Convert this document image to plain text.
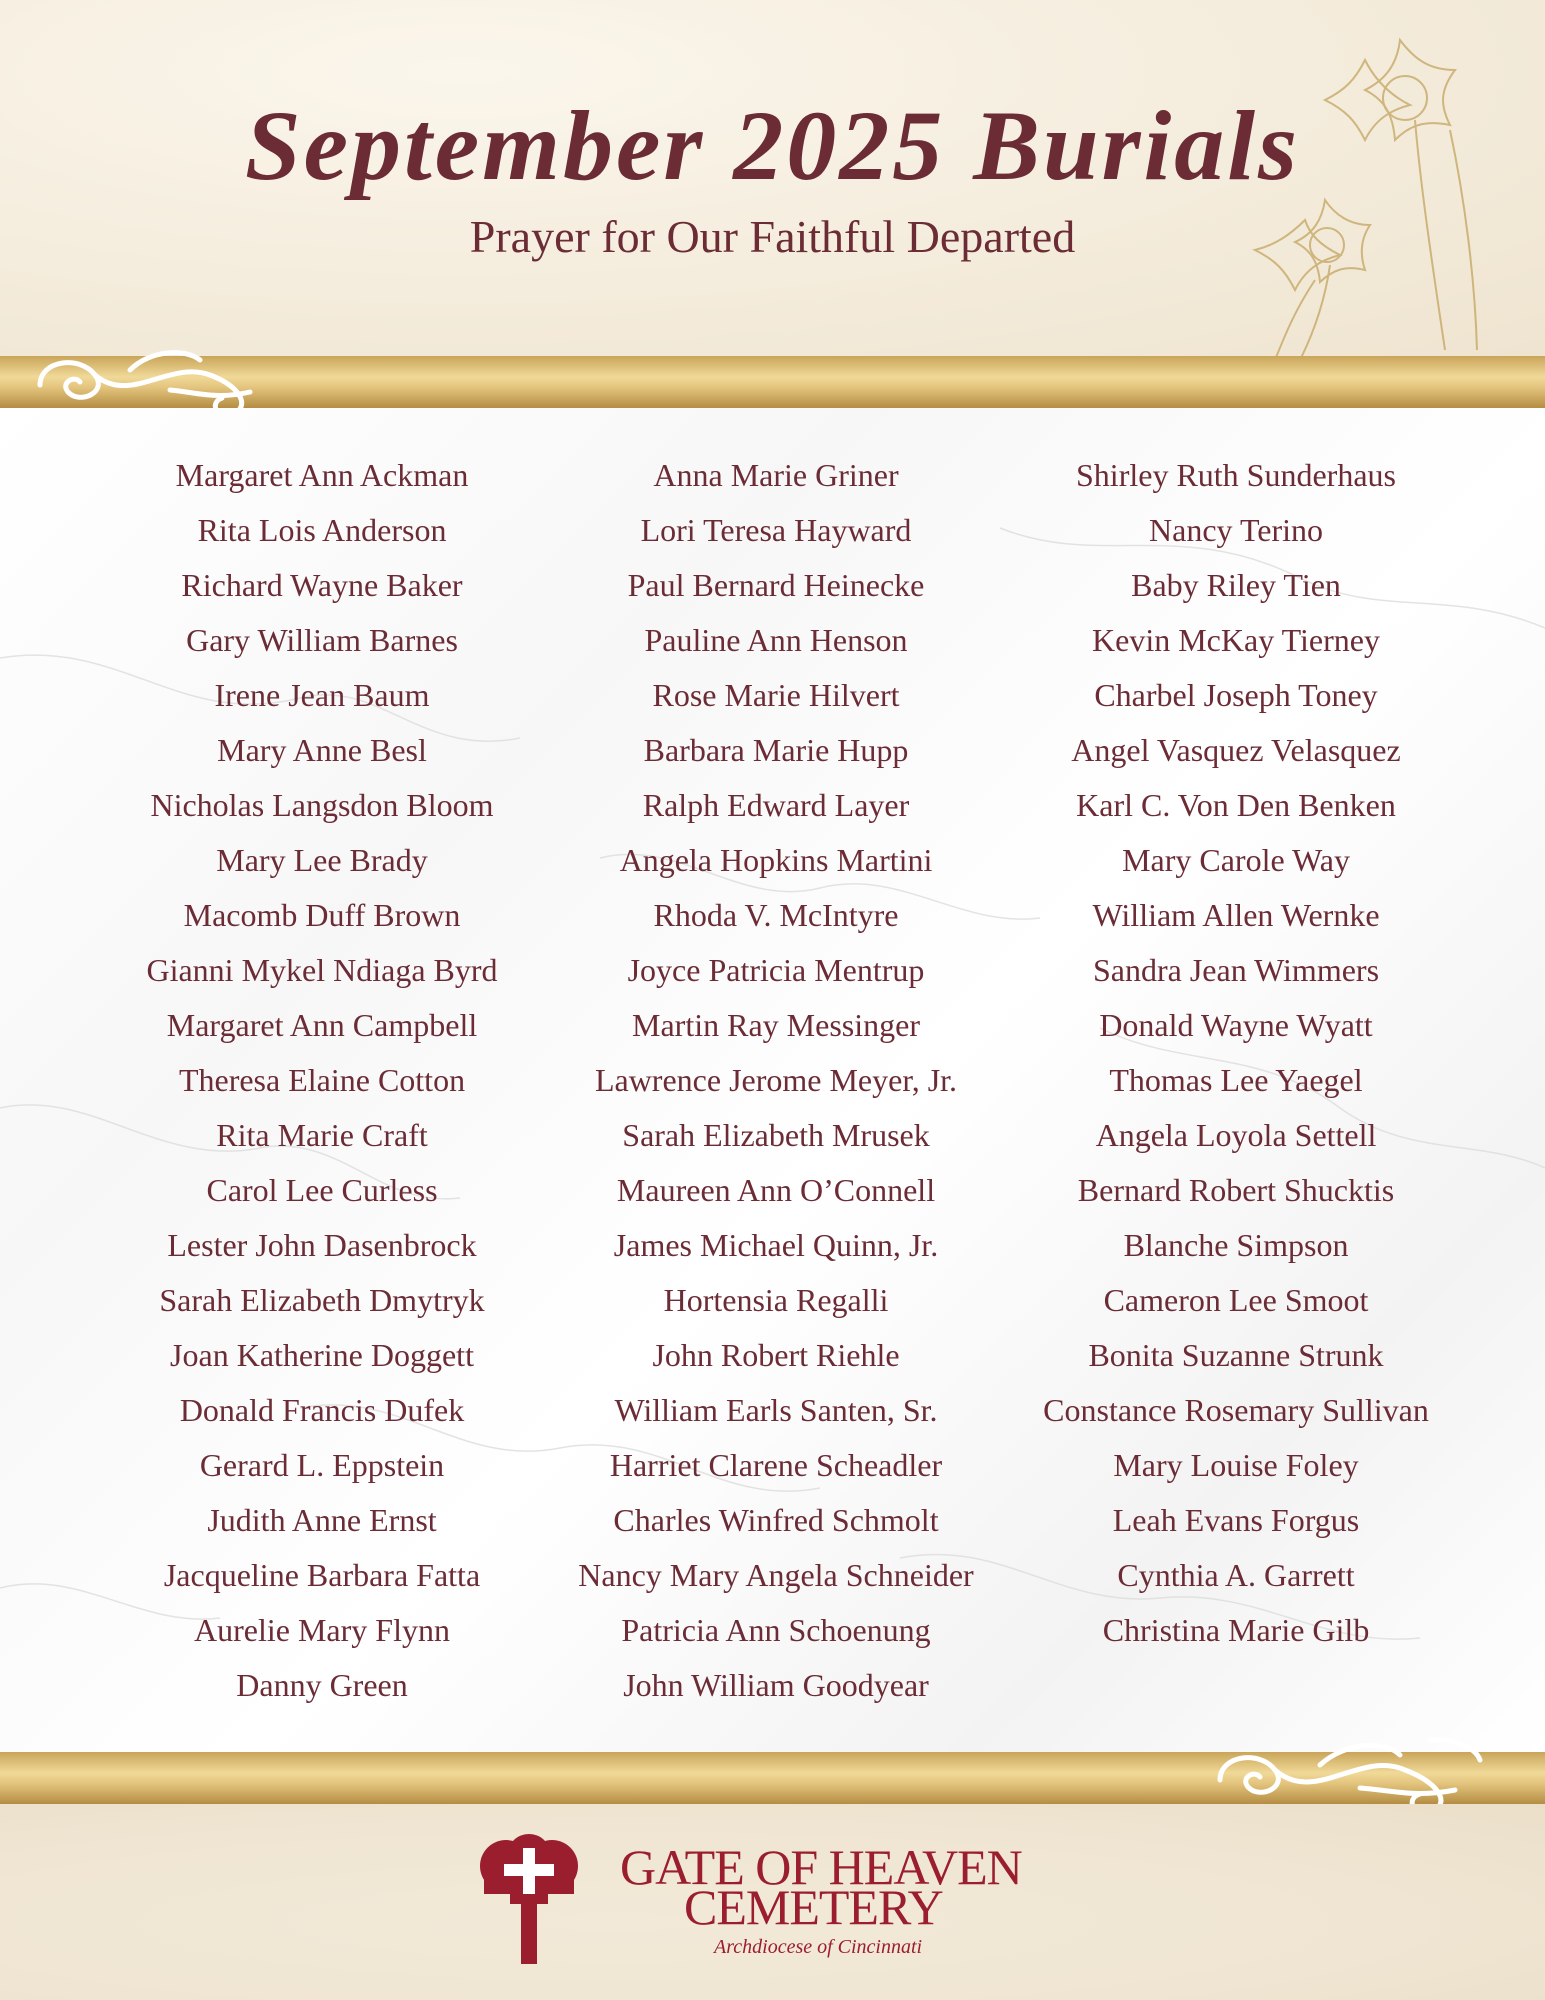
September 2025 Burials
Prayer for Our Faithful Departed
Margaret Ann Ackman
Rita Lois Anderson
Richard Wayne Baker
Gary William Barnes
Irene Jean Baum
Mary Anne Besl
Nicholas Langsdon Bloom
Mary Lee Brady
Macomb Duff Brown
Gianni Mykel Ndiaga Byrd
Margaret Ann Campbell
Theresa Elaine Cotton
Rita Marie Craft
Carol Lee Curless
Lester John Dasenbrock
Sarah Elizabeth Dmytryk
Joan Katherine Doggett
Donald Francis Dufek
Gerard L. Eppstein
Judith Anne Ernst
Jacqueline Barbara Fatta
Aurelie Mary Flynn
Danny Green
Anna Marie Griner
Lori Teresa Hayward
Paul Bernard Heinecke
Pauline Ann Henson
Rose Marie Hilvert
Barbara Marie Hupp
Ralph Edward Layer
Angela Hopkins Martini
Rhoda V. McIntyre
Joyce Patricia Mentrup
Martin Ray Messinger
Lawrence Jerome Meyer, Jr.
Sarah Elizabeth Mrusek
Maureen Ann O’Connell
James Michael Quinn, Jr.
Hortensia Regalli
John Robert Riehle
William Earls Santen, Sr.
Harriet Clarene Scheadler
Charles Winfred Schmolt
Nancy Mary Angela Schneider
Patricia Ann Schoenung
John William Goodyear
Shirley Ruth Sunderhaus
Nancy Terino
Baby Riley Tien
Kevin McKay Tierney
Charbel Joseph Toney
Angel Vasquez Velasquez
Karl C. Von Den Benken
Mary Carole Way
William Allen Wernke
Sandra Jean Wimmers
Donald Wayne Wyatt
Thomas Lee Yaegel
Angela Loyola Settell
Bernard Robert Shucktis
Blanche Simpson
Cameron Lee Smoot
Bonita Suzanne Strunk
Constance Rosemary Sullivan
Mary Louise Foley
Leah Evans Forgus
Cynthia A. Garrett
Christina Marie Gilb
GATE OF HEAVEN
CEMETERY
Archdiocese of Cincinnati
